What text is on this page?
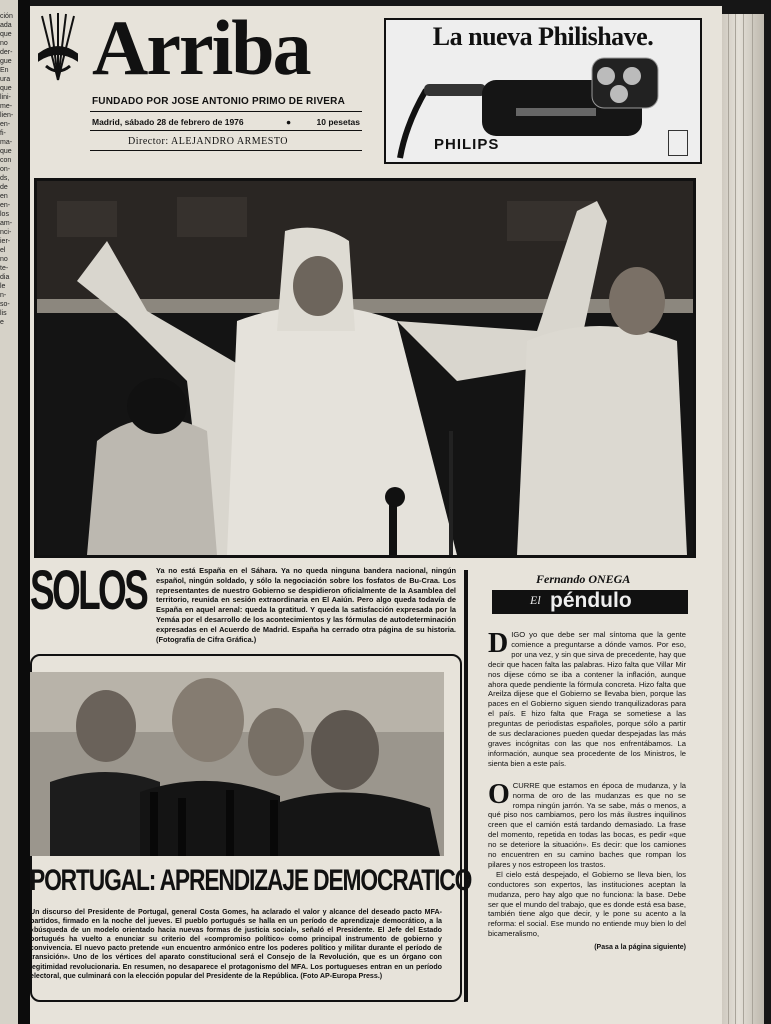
ción
ada
que
no
der-
gue
En
ura
que
lini-
me-
lien-
en-
fi-
ma-
que
con
on-
ds,
de
en
en-
los
am-
nci-
ier-
el
no
te-
dia
le
n-
so-
lis
e
Arriba
FUNDADO POR JOSE ANTONIO PRIMO DE RIVERA
Madrid, sábado 28 de febrero de 1976	●	10 pesetas
Director: ALEJANDRO ARMESTO
La nueva Philishave.
PHILIPS
SOLOS Ya no está España en el Sáhara. Ya no queda ninguna bandera nacional, ningún español, ningún soldado, y sólo la negociación sobre los fosfatos de Bu-Craa. Los representantes de nuestro Gobierno se despidieron oficialmente de la Asamblea del territorio, reunida en sesión extraordinaria en El Aaiún. Pero algo queda todavía de España en aquel arenal: queda la gratitud. Y queda la satisfacción expresada por la Yemáa por el desarrollo de los acontecimientos y las fórmulas de autodeterminación expresadas en el Acuerdo de Madrid. España ha cerrado otra página de su historia. (Fotografía de Cifra Gráfica.)
Fernando ONEGA
El péndulo

DIGO yo que debe ser mal síntoma que la gente comience a preguntarse a dónde vamos. Por eso, por una vez, y sin que sirva de precedente, hay que decir que hacen falta las palabras. Hizo falta que Villar Mir nos dijese cómo se iba a contener la inflación, aunque ahora quede pendiente la fórmula concreta. Hizo falta que Areilza dijese que el Gobierno se llevaba bien, porque las paces en el Gobierno siguen siendo tranquilizadoras para el país. E hizo falta que Fraga se sometiese a las preguntas de periodistas españoles, porque sólo a partir de sus declaraciones pueden quedar despejadas las más graves incógnitas con las que nos enfrentábamos. La información, aunque sea procedente de los Ministros, le sienta bien a este país.

OCURRE que estamos en época de mudanza, y la norma de oro de las mudanzas es que no se rompa ningún jarrón. Ya se sabe, más o menos, a qué piso nos cambiamos, pero los más ilustres inquilinos creen que el camión está tardando demasiado. La frase del momento, repetida en todas las bocas, es pedir «que no se deteriore la situación». Es decir: que los camiones no encuentren en su camino baches que rompan los pilares y nos estropeen los trastos.

El cielo está despejado, el Gobierno se lleva bien, los conductores son expertos, las instituciones aceptan la mudanza, pero hay algo que no funciona: la base. Debe ser que el mundo del trabajo, que es donde está esa base, también tiene algo que decir, y le pone su acento a la reforma: el social. Ese mundo no entiende muy bien lo del bicameralismo,

(Pasa a la página siguiente)
PORTUGAL: APRENDIZAJE DEMOCRATICO
Un discurso del Presidente de Portugal, general Costa Gomes, ha aclarado el valor y alcance del deseado pacto MFA-partidos, firmado en la noche del jueves. El pueblo portugués se halla en un período de aprendizaje democrático, a la «búsqueda de un modelo orientado hacia nuevas formas de justicia social», señaló el Presidente. El Jefe del Estado portugués ha vuelto a enunciar su criterio del «compromiso político» como principal instrumento de gobierno y convivencia. El nuevo pacto pretende «un encuentro armónico entre los poderes político y militar durante el período de transición». Uno de los vértices del aparato constitucional será el Consejo de la Revolución, que es un órgano con legitimidad revolucionaria. En resumen, no desaparece el protagonismo del MFA. Los portugueses entran en un período electoral, que culminará con la elección popular del Presidente de la República. (Foto AP-Europa Press.)
